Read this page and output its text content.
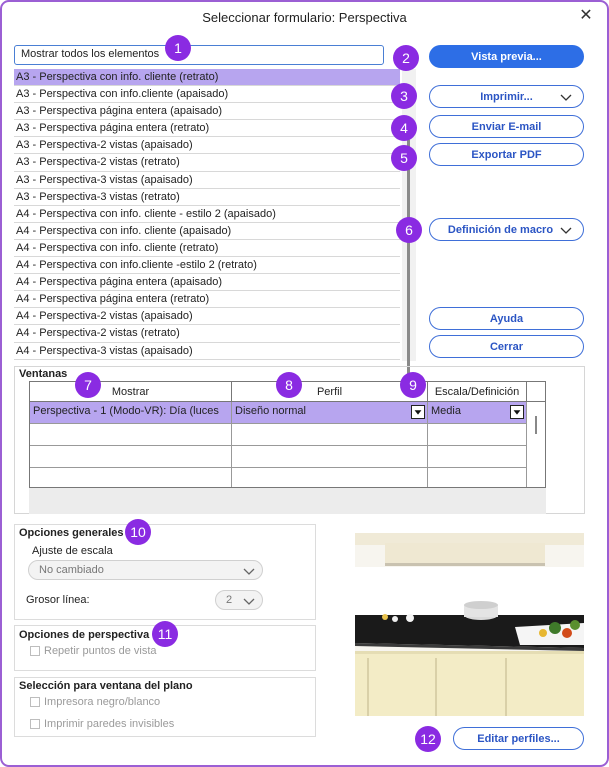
Seleccionar formulario: Perspectiva	✕
Mostrar todos los elementos
A3 - Perspectiva con info. cliente (retrato)
A3 - Perspectiva con info.cliente (apaisado)
A3 - Perspectiva página entera (apaisado)
A3 - Perspectiva página entera (retrato)
A3 - Perspectiva-2 vistas (apaisado)
A3 - Perspectiva-2 vistas (retrato)
A3 - Perspectiva-3 vistas (apaisado)
A3 - Perspectiva-3 vistas (retrato)
A4 - Perspectiva con info. cliente - estilo 2 (apaisado)
A4 - Perspectiva con info. cliente (apaisado)
A4 - Perspectiva con info. cliente (retrato)
A4 - Perspectiva con info.cliente -estilo 2 (retrato)
A4 - Perspectiva página entera (apaisado)
A4 - Perspectiva página entera (retrato)
A4 - Perspectiva-2 vistas (apaisado)
A4 - Perspectiva-2 vistas (retrato)
A4 - Perspectiva-3 vistas (apaisado)
Vista previa...
Imprimir...
Enviar E-mail
Exportar PDF
Definición de macro
Ayuda
Cerrar
Ventanas
Mostrar	Perfil	Escala/Definición
Perspectiva - 1 (Modo-VR): Día (luces	Diseño normal	Media
Opciones generales
Ajuste de escala
No cambiado
Grosor línea:	2
Opciones de perspectiva
Repetir puntos de vista
Selección para ventana del plano
Impresora negro/blanco
Imprimir paredes invisibles
Editar perfiles...
1
2
3
4
5
6
7	8	9
10
11
12
